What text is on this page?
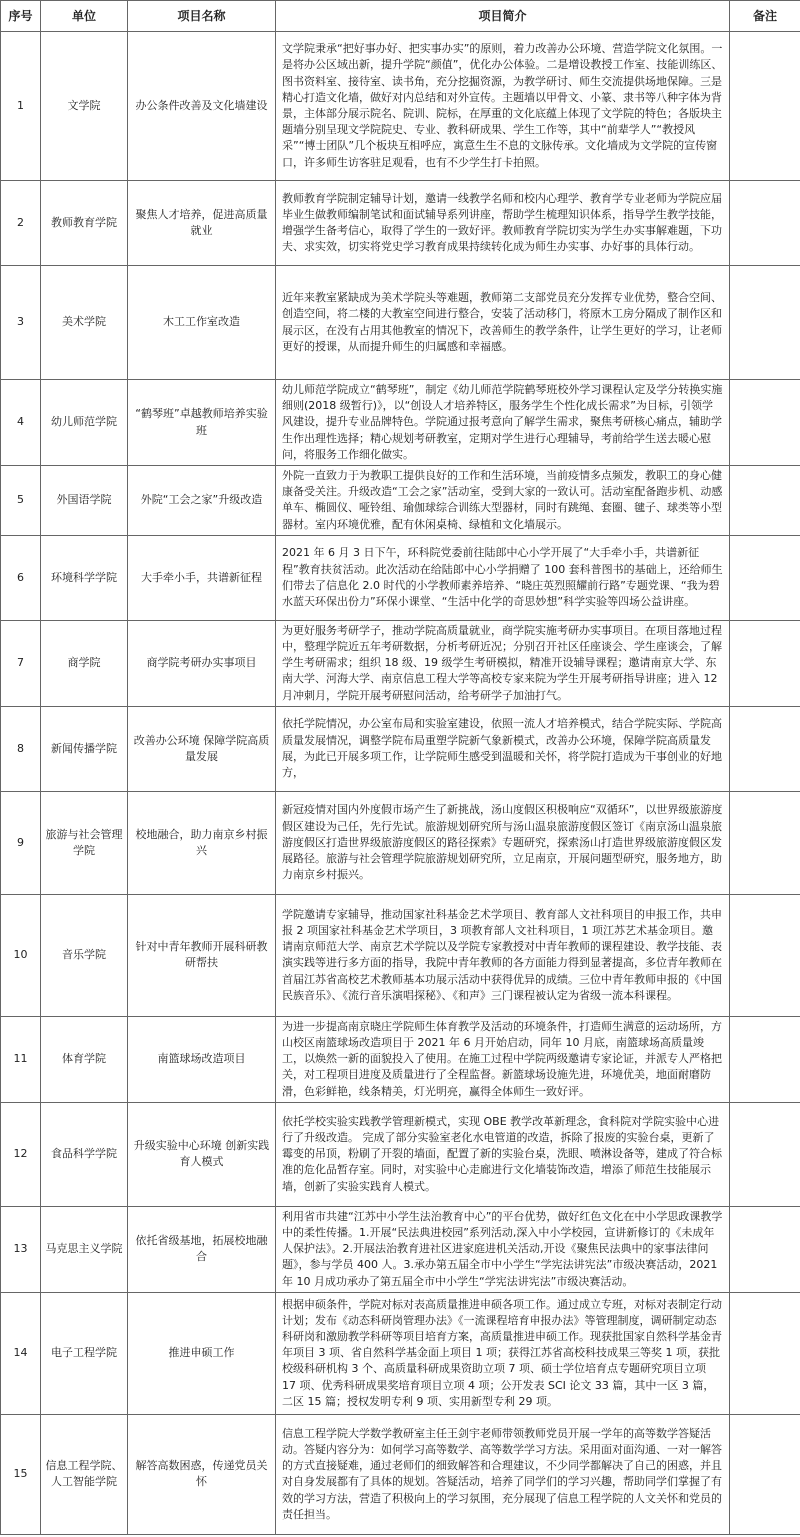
序号	单位	项目名称	项目简介	备注
1	文学院	办公条件改善及文化墙建设	文学院秉承“把好事办好、把实事办实”的原则，着力改善办公环境、营造学院文化氛围。一是将办公区域出新，提升学院“颜值”，优化办公体验。二是增设教授工作室、技能训练区、图书资料室、接待室、读书角，充分挖掘资源，为教学研讨、师生交流提供场地保障。三是精心打造文化墙，做好对内总结和对外宣传。主题墙以甲骨文、小篆、隶书等八种字体为背景，主体部分展示院名、院训、院标，在厚重的文化底蕴上体现了文学院的特色；各版块主题墙分别呈现文学院院史、专业、教科研成果、学生工作等，其中“前辈学人”“教授风采”“博士团队”几个板块互相呼应，寓意生生不息的文脉传承。文化墙成为文学院的宣传窗口，许多师生访客驻足观看，也有不少学生打卡拍照。	
2	教师教育学院	聚焦人才培养，促进高质量就业	教师教育学院制定辅导计划，邀请一线教学名师和校内心理学、教育学专业老师为学院应届毕业生做教师编制笔试和面试辅导系列讲座，帮助学生梳理知识体系，指导学生教学技能，增强学生备考信心，取得了学生的一致好评。教师教育学院切实为学生办实事解难题，下功夫、求实效，切实将党史学习教育成果持续转化成为师生办实事、办好事的具体行动。	
3	美术学院	木工工作室改造	近年来教室紧缺成为美术学院头等难题，教师第二支部党员充分发挥专业优势，整合空间、创造空间，将二楼的大教室空间进行整合，安装了活动移门，将原木工房分隔成了制作区和展示区，在没有占用其他教室的情况下，改善师生的教学条件，让学生更好的学习，让老师更好的授课，从而提升师生的归属感和幸福感。	
4	幼儿师范学院	“鹤琴班”卓越教师培养实验班	幼儿师范学院成立“鹤琴班”，制定《幼儿师范学院鹤琴班校外学习课程认定及学分转换实施细则(2018 级暂行)》，以“创设人才培养特区，服务学生个性化成长需求”为目标，引领学风建设，提升专业品牌特色。学院通过报考意向了解学生需求，聚焦考研核心痛点，辅助学生作出理性选择；精心规划考研教室，定期对学生进行心理辅导，考前给学生送去暖心慰问，将服务工作细化做实。	
5	外国语学院	外院“工会之家”升级改造	外院一直致力于为教职工提供良好的工作和生活环境，当前疫情多点频发，教职工的身心健康备受关注。升级改造“工会之家”活动室，受到大家的一致认可。活动室配备跑步机、动感单车、椭圆仪、哑铃组、瑜伽球综合训练大型器材，同时有跳绳、套圈、毽子、球类等小型器材。室内环境优雅，配有休闲桌椅、绿植和文化墙展示。	
6	环境科学学院	大手牵小手，共谱新征程	2021 年 6 月 3 日下午，环科院党委前往陆郎中心小学开展了“大手牵小手，共谱新征程”教育扶贫活动。此次活动在给陆郎中心小学捐赠了 100 套科普图书的基础上，还给师生们带去了信息化 2.0 时代的小学教师素养培养、“晓庄英烈照耀前行路”专题党课、“我为碧水蓝天环保出份力”环保小课堂、“生活中化学的奇思妙想”科学实验等四场公益讲座。	
7	商学院	商学院考研办实事项目	为更好服务考研学子，推动学院高质量就业，商学院实施考研办实事项目。在项目落地过程中，整理学院近五年考研数据，分析考研近况；分别召开社区任座谈会、学生座谈会，了解学生考研需求；组织 18 级、19 级学生考研模拟，精准开设辅导课程；邀请南京大学、东南大学、河海大学、南京信息工程大学等高校专家来院为学生开展考研指导讲座；进入 12 月冲刺月，学院开展考研慰问活动，给考研学子加油打气。	
8	新闻传播学院	改善办公环境 保障学院高质量发展	依托学院情况，办公室布局和实验室建设，依照一流人才培养模式，结合学院实际、学院高质量发展情况，调整学院布局重塑学院新气象新模式，改善办公环境，保障学院高质量发展，为此已开展多项工作，让学院师生感受到温暖和关怀，将学院打造成为干事创业的好地方，	
9	旅游与社会管理学院	校地融合，助力南京乡村振兴	新冠疫情对国内外度假市场产生了新挑战，汤山度假区积极响应“双循环”，以世界级旅游度假区建设为己任，先行先试。旅游规划研究所与汤山温泉旅游度假区签订《南京汤山温泉旅游度假区打造世界级旅游度假区的路径探索》专题研究，探索汤山打造世界级旅游度假区发展路径。旅游与社会管理学院旅游规划研究所，立足南京，开展问题型研究，服务地方，助力南京乡村振兴。	
10	音乐学院	针对中青年教师开展科研教研帮扶	学院邀请专家辅导，推动国家社科基金艺术学项目、教育部人文社科项目的申报工作，共申报 2 项国家社科基金艺术学项目，3 项教育部人文社科项目，1 项江苏艺术基金项目。邀请南京师范大学、南京艺术学院以及学院专家教授对中青年教师的课程建设、教学技能、表演实践等进行多方面的指导，我院中青年教师的各方面能力得到显著提高，多位青年教师在首届江苏省高校艺术教师基本功展示活动中获得优异的成绩。三位中青年教师申报的《中国民族音乐》、《流行音乐演唱探秘》、《和声》三门课程被认定为省级一流本科课程。	
11	体育学院	南篮球场改造项目	为进一步提高南京晓庄学院师生体育教学及活动的环境条件，打造师生满意的运动场所，方山校区南篮球场改造项目于 2021 年 6 月开始启动，同年 10 月底，南篮球场高质量竣工，以焕然一新的面貌投入了使用。在施工过程中学院两级邀请专家论证，并派专人严格把关，对工程项目进度及质量进行了全程监督。新篮球场设施先进，环境优美，地面耐磨防滑，色彩鲜艳，线条精美，灯光明亮，赢得全体师生一致好评。	
12	食品科学学院	升级实验中心环境 创新实践育人模式	依托学校实验实践教学管理新模式，实现 OBE 教学改革新理念，食科院对学院实验中心进行了升级改造。 完成了部分实验室老化水电管道的改造，拆除了报废的实验台桌，更新了霉变的吊顶，粉刷了开裂的墙面，配置了新的实验台桌，洗眼、喷淋设备等，建成了符合标准的危化品暂存室。同时，对实验中心走廊进行文化墙装饰改造，增添了师范生技能展示墙，创新了实验实践育人模式。	
13	马克思主义学院	依托省级基地，拓展校地融合	利用省市共建“江苏中小学生法治教育中心”的平台优势，做好红色文化在中小学思政课教学中的柔性传播。1.开展“民法典进校园”系列活动,深入中小学校园，宣讲新修订的《未成年人保护法》。2.开展法治教育进社区进家庭进机关活动,开设《聚焦民法典中的家事法律问题》，参与学员 400 人。3.承办第五届全市中小学生“学宪法讲宪法”市级决赛活动，2021 年 10 月成功承办了第五届全市中小学生“学宪法讲宪法”市级决赛活动。	
14	电子工程学院	推进申硕工作	根据申硕条件，学院对标对表高质量推进申硕各项工作。通过成立专班，对标对表制定行动计划；发布《动态科研岗管理办法》《一流课程培育申报办法》等管理制度，调研制定动态科研岗和激励教学科研等项目培育方案，高质量推进申硕工作。现获批国家自然科学基金青年项目 3 项、省自然科学基金面上项目 1 项；获得江苏省高校科技成果三等奖 1 项，获批校级科研机构 3 个、高质量科研成果资助立项 7 项、硕士学位培育点专题研究项目立项 17 项、优秀科研成果奖培育项目立项 4 项；公开发表 SCI 论文 33 篇，其中一区 3 篇，二区 15 篇；授权发明专利 9 项、实用新型专利 29 项。	
15	信息工程学院、人工智能学院	解答高数困惑，传递党员关怀	信息工程学院大学数学教研室主任王剑宇老师带领教师党员开展一学年的高等数学答疑活动。答疑内容分为：如何学习高等数学、高等数学学习方法。采用面对面沟通、一对一解答的方式直接疑难，通过老师们的细致解答和合理建议，不少同学都解决了自己的困惑，并且对自身发展都有了具体的规划。答疑活动，培养了同学们的学习兴趣，帮助同学们掌握了有效的学习方法，营造了积极向上的学习氛围，充分展现了信息工程学院的人文关怀和党员的责任担当。	
